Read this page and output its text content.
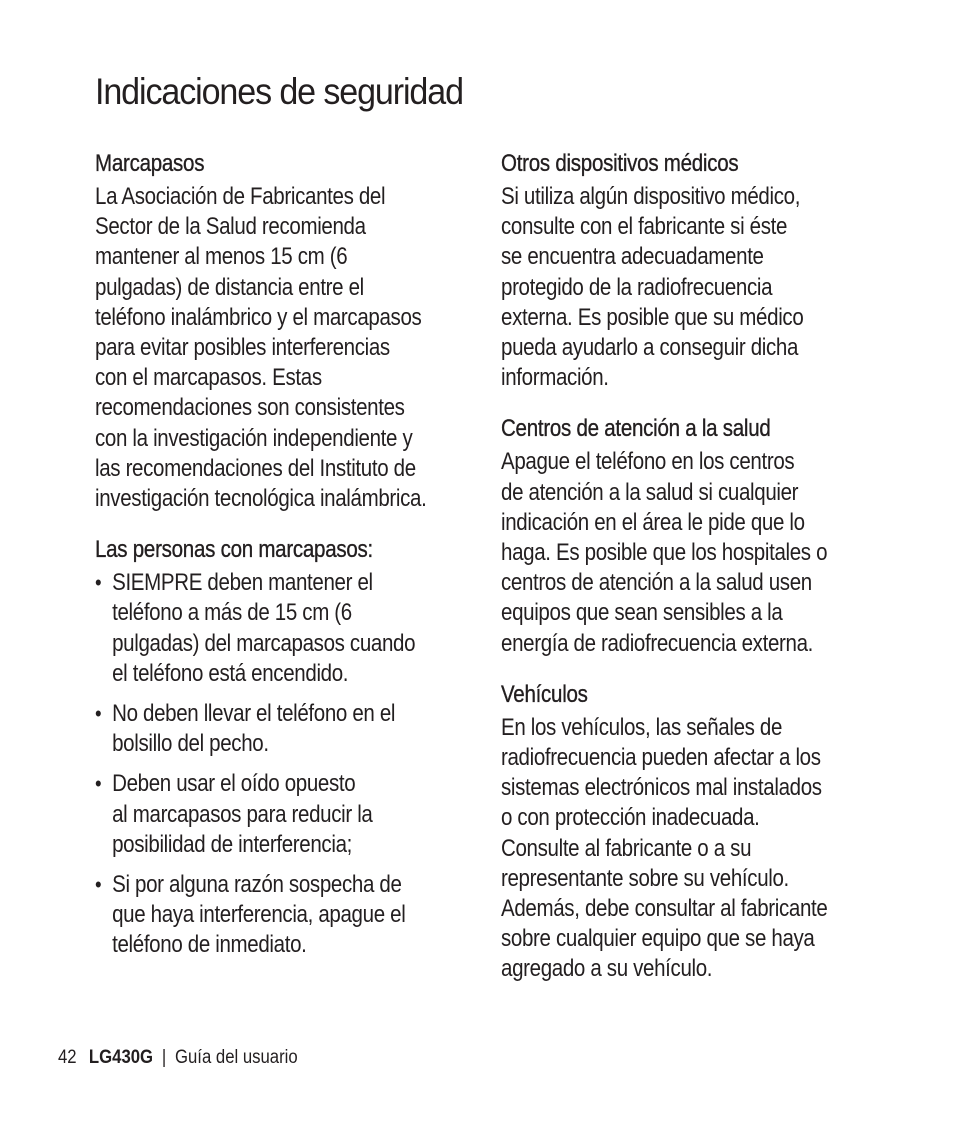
Indicaciones de seguridad
Marcapasos
La Asociación de Fabricantes del
Sector de la Salud recomienda
mantener al menos 15 cm (6
pulgadas) de distancia entre el
teléfono inalámbrico y el marcapasos
para evitar posibles interferencias
con el marcapasos. Estas
recomendaciones son consistentes
con la investigación independiente y
las recomendaciones del Instituto de
investigación tecnológica inalámbrica.
Las personas con marcapasos:
• SIEMPRE deben mantener el
teléfono a más de 15 cm (6
pulgadas) del marcapasos cuando
el teléfono está encendido.
• No deben llevar el teléfono en el
bolsillo del pecho.
• Deben usar el oído opuesto
al marcapasos para reducir la
posibilidad de interferencia;
• Si por alguna razón sospecha de
que haya interferencia, apague el
teléfono de inmediato.
Otros dispositivos médicos
Si utiliza algún dispositivo médico,
consulte con el fabricante si éste
se encuentra adecuadamente
protegido de la radiofrecuencia
externa. Es posible que su médico
pueda ayudarlo a conseguir dicha
información.
Centros de atención a la salud
Apague el teléfono en los centros
de atención a la salud si cualquier
indicación en el área le pide que lo
haga. Es posible que los hospitales o
centros de atención a la salud usen
equipos que sean sensibles a la
energía de radiofrecuencia externa.
Vehículos
En los vehículos, las señales de
radiofrecuencia pueden afectar a los
sistemas electrónicos mal instalados
o con protección inadecuada.
Consulte al fabricante o a su
representante sobre su vehículo.
Además, debe consultar al fabricante
sobre cualquier equipo que se haya
agregado a su vehículo.
42 LG430G | Guía del usuario
